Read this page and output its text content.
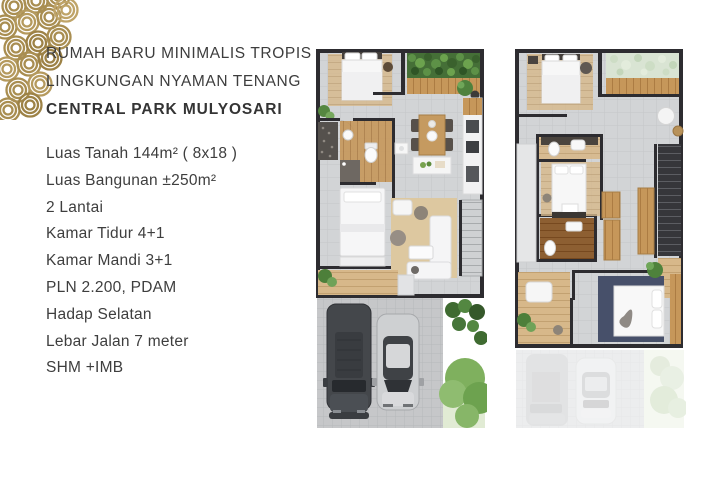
RUMAH BARU MINIMALIS TROPIS
LINGKUNGAN NYAMAN TENANG
CENTRAL PARK MULYOSARI
Luas Tanah 144m² ( 8x18 )
Luas Bangunan ±250m²
2 Lantai
Kamar Tidur 4+1
Kamar Mandi 3+1
PLN 2.200, PDAM
Hadap Selatan
Lebar Jalan 7 meter
SHM +IMB
